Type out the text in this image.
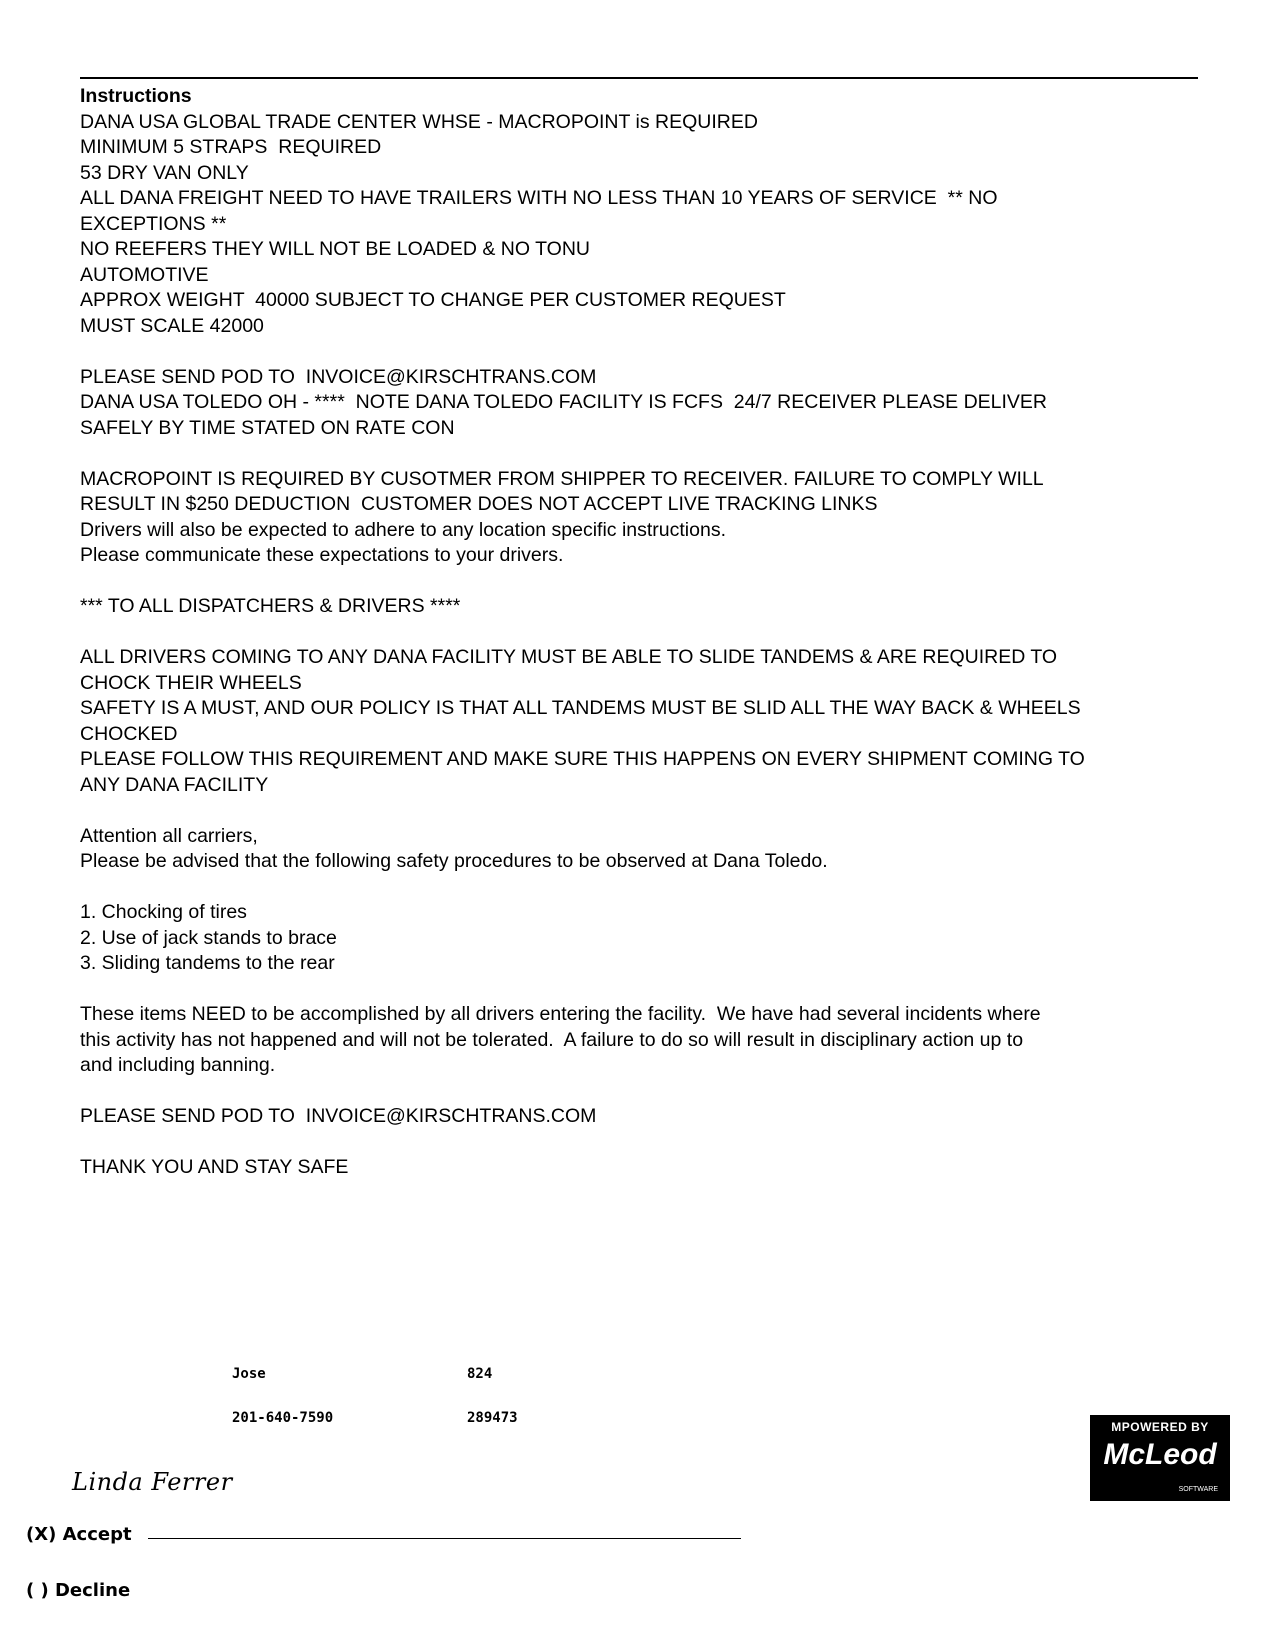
Instructions
DANA USA GLOBAL TRADE CENTER WHSE - MACROPOINT is REQUIRED
MINIMUM 5 STRAPS  REQUIRED
53 DRY VAN ONLY
ALL DANA FREIGHT NEED TO HAVE TRAILERS WITH NO LESS THAN 10 YEARS OF SERVICE  ** NO
EXCEPTIONS **
NO REEFERS THEY WILL NOT BE LOADED & NO TONU
AUTOMOTIVE
APPROX WEIGHT  40000 SUBJECT TO CHANGE PER CUSTOMER REQUEST
MUST SCALE 42000
PLEASE SEND POD TO  INVOICE@KIRSCHTRANS.COM
DANA USA TOLEDO OH - ****  NOTE DANA TOLEDO FACILITY IS FCFS  24/7 RECEIVER PLEASE DELIVER
SAFELY BY TIME STATED ON RATE CON
MACROPOINT IS REQUIRED BY CUSOTMER FROM SHIPPER TO RECEIVER. FAILURE TO COMPLY WILL
RESULT IN $250 DEDUCTION  CUSTOMER DOES NOT ACCEPT LIVE TRACKING LINKS
Drivers will also be expected to adhere to any location specific instructions.
Please communicate these expectations to your drivers.
*** TO ALL DISPATCHERS & DRIVERS ****
ALL DRIVERS COMING TO ANY DANA FACILITY MUST BE ABLE TO SLIDE TANDEMS & ARE REQUIRED TO
CHOCK THEIR WHEELS
SAFETY IS A MUST, AND OUR POLICY IS THAT ALL TANDEMS MUST BE SLID ALL THE WAY BACK & WHEELS
CHOCKED
PLEASE FOLLOW THIS REQUIREMENT AND MAKE SURE THIS HAPPENS ON EVERY SHIPMENT COMING TO
ANY DANA FACILITY
Attention all carriers,
Please be advised that the following safety procedures to be observed at Dana Toledo.
1. Chocking of tires
2. Use of jack stands to brace
3. Sliding tandems to the rear
These items NEED to be accomplished by all drivers entering the facility.  We have had several incidents where
this activity has not happened and will not be tolerated.  A failure to do so will result in disciplinary action up to
and including banning.
PLEASE SEND POD TO  INVOICE@KIRSCHTRANS.COM
THANK YOU AND STAY SAFE
Jose	824
201-640-7590	289473
Linda Ferrer
(X) Accept
( ) Decline
MPOWERED BY
McLeod
SOFTWARE
